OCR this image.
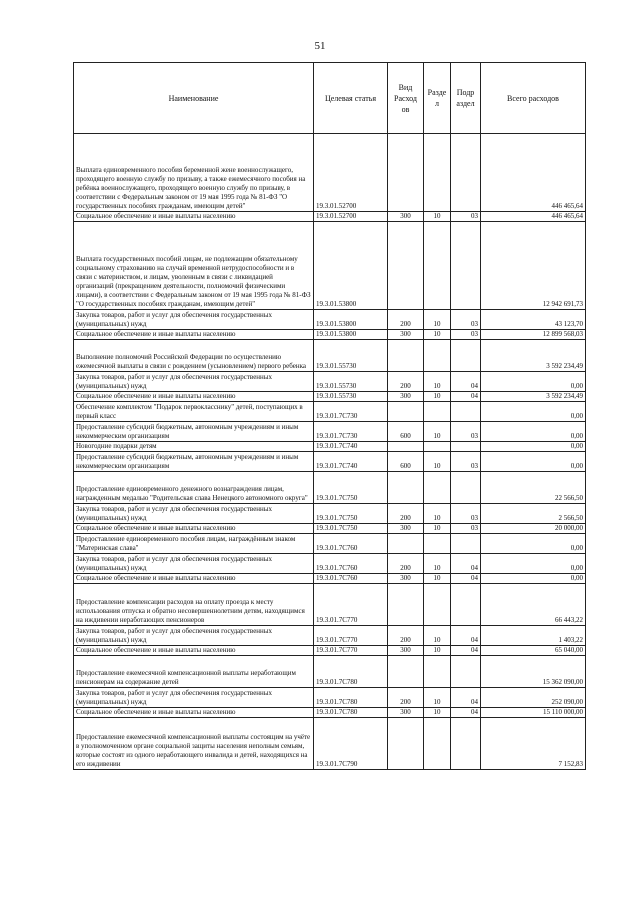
51
Наименование	Целевая статья	Вид Расход ов	Разде л	Подр аздел	Всего расходов
Выплата единовременного пособия беременной жене военнослужащего, проходящего военную службу по призыву, а также ежемесячного пособия на ребёнка военнослужащего, проходящего военную службу по призыву, в соответствии с Федеральным законом от 19 мая 1995 года № 81-ФЗ "О государственных пособиях гражданам, имеющим детей"	19.3.01.52700				446 465,64
Социальное обеспечение и иные выплаты населению	19.3.01.52700	300	10	03	446 465,64
Выплата государственных пособий лицам, не подлежащим обязательному социальному страхованию на случай временной нетрудоспособности и в связи с материнством, и лицам, уволенным в связи с ликвидацией организаций (прекращением деятельности, полномочий физическими лицами), в соответствии с Федеральным законом от 19 мая 1995 года № 81-ФЗ "О государственных пособиях гражданам, имеющим детей"	19.3.01.53800				12 942 691,73
Закупка товаров, работ и услуг для обеспечения государственных (муниципальных) нужд	19.3.01.53800	200	10	03	43 123,70
Социальное обеспечение и иные выплаты населению	19.3.01.53800	300	10	03	12 899 568,03
Выполнение полномочий Российской Федерации по осуществлению ежемесячной выплаты в связи с рождением (усыновлением) первого ребенка	19.3.01.55730				3 592 234,49
Закупка товаров, работ и услуг для обеспечения государственных (муниципальных) нужд	19.3.01.55730	200	10	04	0,00
Социальное обеспечение и иные выплаты населению	19.3.01.55730	300	10	04	3 592 234,49
Обеспечение комплектом "Подарок первокласснику" детей, поступающих в первый класс	19.3.01.7C730				0,00
Предоставление субсидий бюджетным, автономным учреждениям и иным некоммерческим организациям	19.3.01.7C730	600	10	03	0,00
Новогодние подарки детям	19.3.01.7C740				0,00
Предоставление субсидий бюджетным, автономным учреждениям и иным некоммерческим организациям	19.3.01.7C740	600	10	03	0,00
Предоставление единовременного денежного вознаграждения лицам, награжденным медалью "Родительская слава Ненецкого автономного округа"	19.3.01.7C750				22 566,50
Закупка товаров, работ и услуг для обеспечения государственных (муниципальных) нужд	19.3.01.7C750	200	10	03	2 566,50
Социальное обеспечение и иные выплаты населению	19.3.01.7C750	300	10	03	20 000,00
Предоставление единовременного пособия лицам, награждённым знаком "Материнская слава"	19.3.01.7C760				0,00
Закупка товаров, работ и услуг для обеспечения государственных (муниципальных) нужд	19.3.01.7C760	200	10	04	0,00
Социальное обеспечение и иные выплаты населению	19.3.01.7C760	300	10	04	0,00
Предоставление компенсации расходов на оплату проезда к месту использования отпуска и обратно несовершеннолетним детям, находящимся на иждивении неработающих пенсионеров	19.3.01.7C770				66 443,22
Закупка товаров, работ и услуг для обеспечения государственных (муниципальных) нужд	19.3.01.7C770	200	10	04	1 403,22
Социальное обеспечение и иные выплаты населению	19.3.01.7C770	300	10	04	65 040,00
Предоставление ежемесячной компенсационной выплаты неработающим пенсионерам на содержание детей	19.3.01.7C780				15 362 090,00
Закупка товаров, работ и услуг для обеспечения государственных (муниципальных) нужд	19.3.01.7C780	200	10	04	252 090,00
Социальное обеспечение и иные выплаты населению	19.3.01.7C780	300	10	04	15 110 000,00
Предоставление ежемесячной компенсационной выплаты состоящим на учёте в уполномоченном органе социальной защиты населения неполным семьям, которые состоят из одного неработающего инвалида и детей, находящихся на его иждивении	19.3.01.7C790				7 152,83
